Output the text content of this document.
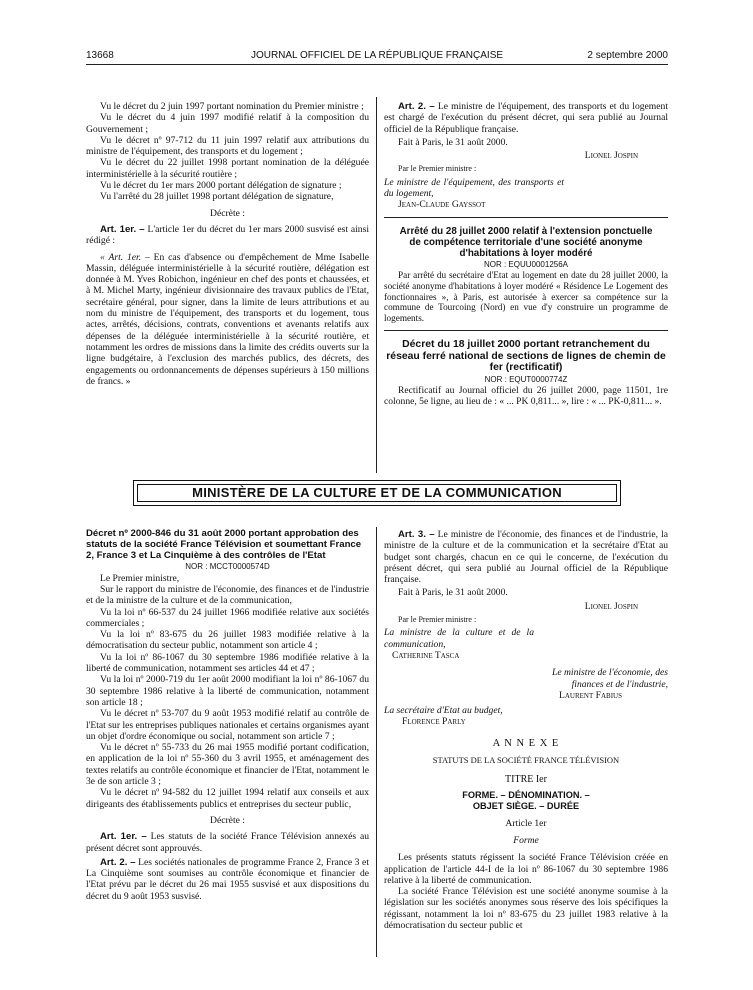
13668	JOURNAL OFFICIEL DE LA RÉPUBLIQUE FRANÇAISE	2 septembre 2000

Vu le décret du 2 juin 1997 portant nomination du Premier ministre ;

Vu le décret du 4 juin 1997 modifié relatif à la composition du Gouvernement ;

Vu le décret nº 97-712 du 11 juin 1997 relatif aux attributions du ministre de l'équipement, des transports et du logement ;

Vu le décret du 22 juillet 1998 portant nomination de la déléguée interministérielle à la sécurité routière ;

Vu le décret du 1er mars 2000 portant délégation de signature ;

Vu l'arrêté du 28 juillet 1998 portant délégation de signature,

Décrète :

Art. 1er. – L'article 1er du décret du 1er mars 2000 susvisé est ainsi rédigé :

« Art. 1er. – En cas d'absence ou d'empêchement de Mme Isabelle Massin, déléguée interministérielle à la sécurité routière, délégation est donnée à M. Yves Robichon, ingénieur en chef des ponts et chaussées, et à M. Michel Marty, ingénieur divisionnaire des travaux publics de l'Etat, secrétaire général, pour signer, dans la limite de leurs attributions et au nom du ministre de l'équipement, des transports et du logement, tous actes, arrêtés, décisions, contrats, conventions et avenants relatifs aux dépenses de la déléguée interministérielle à la sécurité routière, et notamment les ordres de missions dans la limite des crédits ouverts sur la ligne budgétaire, à l'exclusion des marchés publics, des décrets, des engagements ou ordonnancements de dépenses supérieurs à 150 millions de francs. »

Art. 2. – Le ministre de l'équipement, des transports et du logement est chargé de l'exécution du présent décret, qui sera publié au Journal officiel de la République française.

Fait à Paris, le 31 août 2000.

Lionel Jospin

Par le Premier ministre :

Le ministre de l'équipement, des transports et du logement,

Jean-Claude Gayssot

Arrêté du 28 juillet 2000 relatif à l'extension ponctuelle de compétence territoriale d'une société anonyme d'habitations à loyer modéré

NOR : EQUU0001256A

Par arrêté du secrétaire d'Etat au logement en date du 28 juillet 2000, la société anonyme d'habitations à loyer modéré « Résidence Le Logement des fonctionnaires », à Paris, est autorisée à exercer sa compétence sur la commune de Tourcoing (Nord) en vue d'y construire un programme de logements.

Décret du 18 juillet 2000 portant retranchement du réseau ferré national de sections de lignes de chemin de fer (rectificatif)

NOR : EQUT0000774Z

Rectificatif au Journal officiel du 26 juillet 2000, page 11501, 1re colonne, 5e ligne, au lieu de : « ... PK 0,811... », lire : « ... PK-0,811... ».

MINISTÈRE DE LA CULTURE ET DE LA COMMUNICATION

Décret nº 2000-846 du 31 août 2000 portant approbation des statuts de la société France Télévision et soumettant France 2, France 3 et La Cinquième à des contrôles de l'Etat

NOR : MCCT0000574D

Le Premier ministre,

Sur le rapport du ministre de l'économie, des finances et de l'industrie et de la ministre de la culture et de la communication,

Vu la loi nº 66-537 du 24 juillet 1966 modifiée relative aux sociétés commerciales ;

Vu la loi nº 83-675 du 26 juillet 1983 modifiée relative à la démocratisation du secteur public, notamment son article 4 ;

Vu la loi nº 86-1067 du 30 septembre 1986 modifiée relative à la liberté de communication, notamment ses articles 44 et 47 ;

Vu la loi nº 2000-719 du 1er août 2000 modifiant la loi nº 86-1067 du 30 septembre 1986 relative à la liberté de communication, notamment son article 18 ;

Vu le décret nº 53-707 du 9 août 1953 modifié relatif au contrôle de l'Etat sur les entreprises publiques nationales et certains organismes ayant un objet d'ordre économique ou social, notamment son article 7 ;

Vu le décret nº 55-733 du 26 mai 1955 modifié portant codification, en application de la loi nº 55-360 du 3 avril 1955, et aménagement des textes relatifs au contrôle économique et financier de l'Etat, notamment le 3e de son article 3 ;

Vu le décret nº 94-582 du 12 juillet 1994 relatif aux conseils et aux dirigeants des établissements publics et entreprises du secteur public,

Décrète :

Art. 1er. – Les statuts de la société France Télévision annexés au présent décret sont approuvés.

Art. 2. – Les sociétés nationales de programme France 2, France 3 et La Cinquième sont soumises au contrôle économique et financier de l'Etat prévu par le décret du 26 mai 1955 susvisé et aux dispositions du décret du 9 août 1953 susvisé.

Art. 3. – Le ministre de l'économie, des finances et de l'industrie, la ministre de la culture et de la communication et la secrétaire d'Etat au budget sont chargés, chacun en ce qui le concerne, de l'exécution du présent décret, qui sera publié au Journal officiel de la République française.

Fait à Paris, le 31 août 2000.

Lionel Jospin

Par le Premier ministre :

La ministre de la culture et de la communication,

Catherine Tasca

Le ministre de l'économie, des finances et de l'industrie,

Laurent Fabius

La secrétaire d'Etat au budget,

Florence Parly

A N N E X E

STATUTS DE LA SOCIÉTÉ FRANCE TÉLÉVISION

TITRE Ier

FORME. – DÉNOMINATION. – OBJET SIÈGE. – DURÉE

Article 1er

Forme

Les présents statuts régissent la société France Télévision créée en application de l'article 44-I de la loi nº 86-1067 du 30 septembre 1986 relative à la liberté de communication.

La société France Télévision est une société anonyme soumise à la législation sur les sociétés anonymes sous réserve des lois spécifiques la régissant, notamment la loi nº 83-675 du 23 juillet 1983 relative à la démocratisation du secteur public et
